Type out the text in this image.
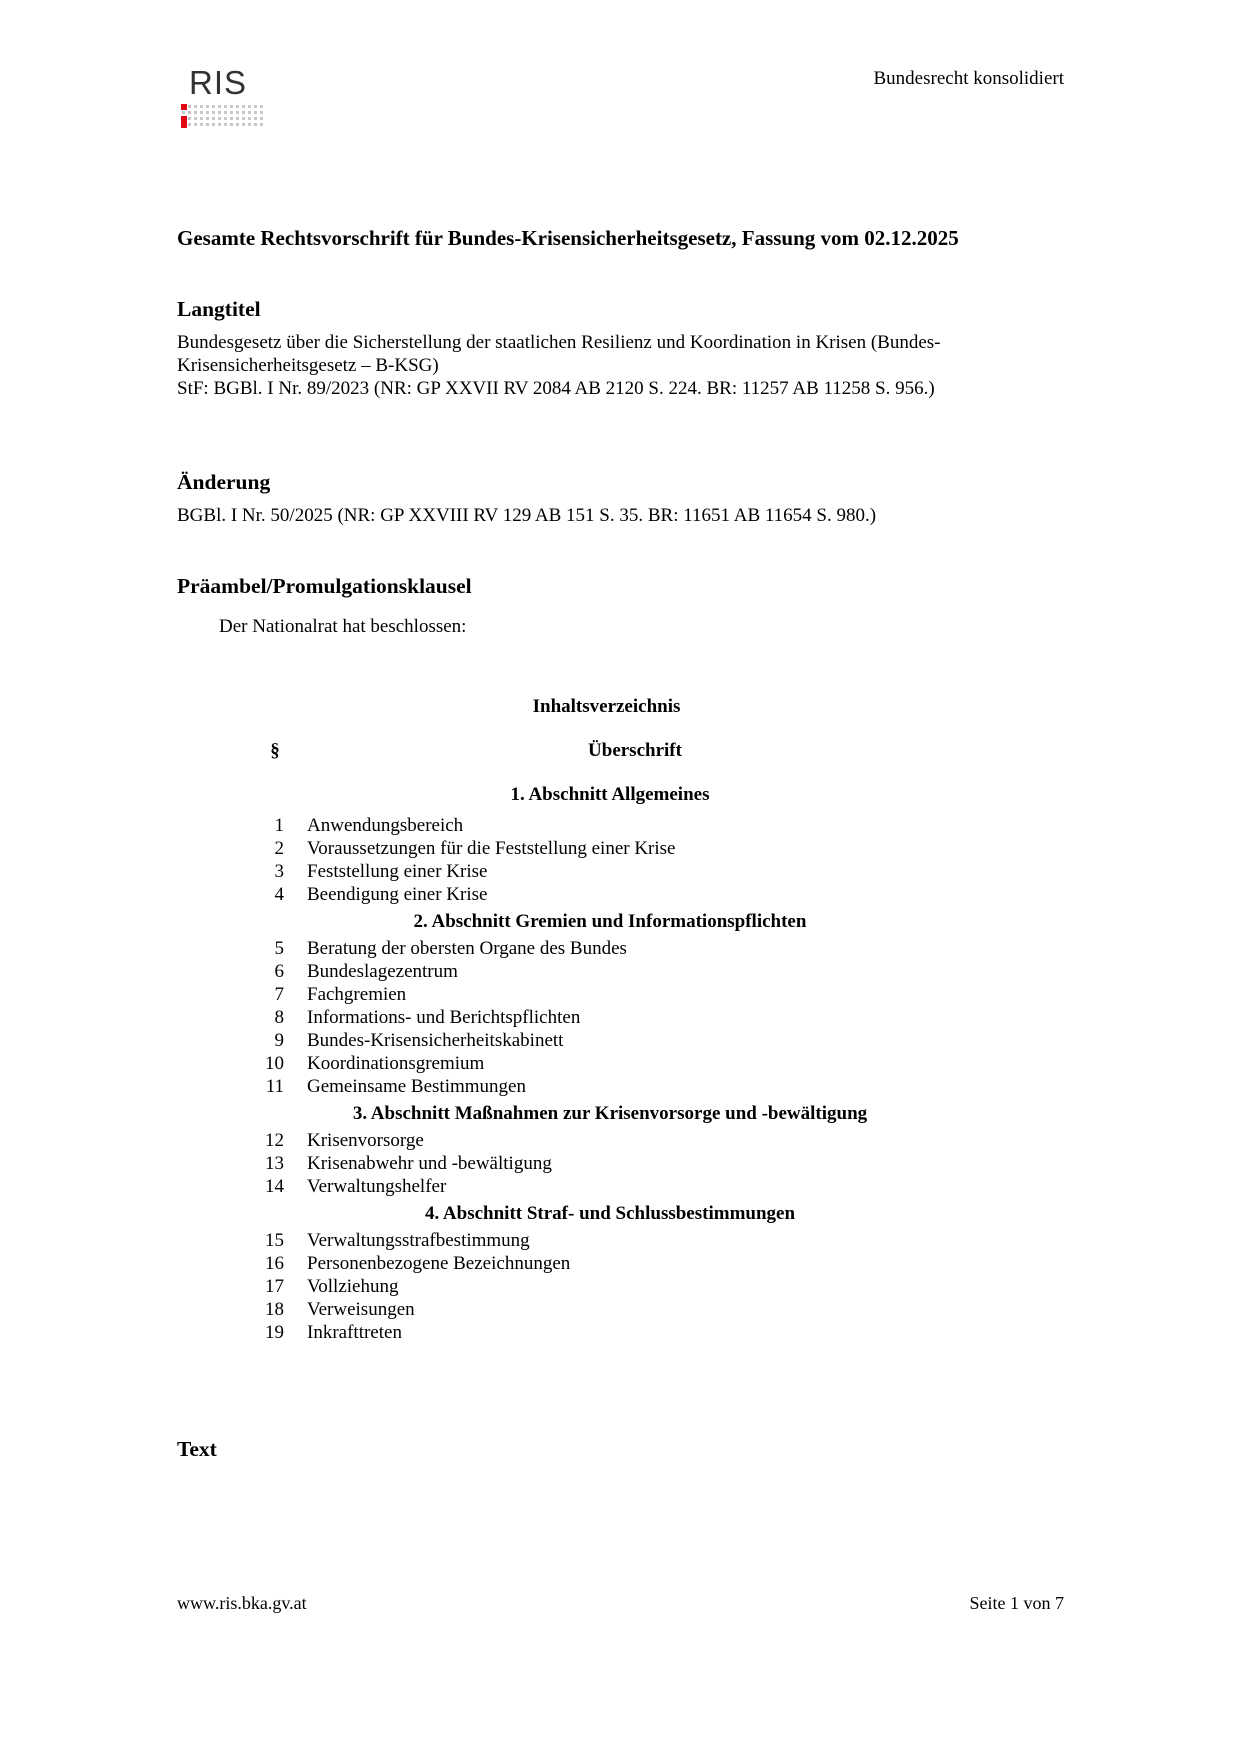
RIS	Bundesrecht konsolidiert
Gesamte Rechtsvorschrift für Bundes-Krisensicherheitsgesetz, Fassung vom 02.12.2025
Langtitel
Bundesgesetz über die Sicherstellung der staatlichen Resilienz und Koordination in Krisen (Bundes-
Krisensicherheitsgesetz – B-KSG)
StF: BGBl. I Nr. 89/2023 (NR: GP XXVII RV 2084 AB 2120 S. 224. BR: 11257 AB 11258 S. 956.)
Änderung
BGBl. I Nr. 50/2025 (NR: GP XXVIII RV 129 AB 151 S. 35. BR: 11651 AB 11654 S. 980.)
Präambel/Promulgationsklausel
Der Nationalrat hat beschlossen:
Inhaltsverzeichnis
§	Überschrift
1. Abschnitt Allgemeines
1 Anwendungsbereich
2 Voraussetzungen für die Feststellung einer Krise
3 Feststellung einer Krise
4 Beendigung einer Krise
2. Abschnitt Gremien und Informationspflichten
5 Beratung der obersten Organe des Bundes
6 Bundeslagezentrum
7 Fachgremien
8 Informations- und Berichtspflichten
9 Bundes-Krisensicherheitskabinett
10 Koordinationsgremium
11 Gemeinsame Bestimmungen
3. Abschnitt Maßnahmen zur Krisenvorsorge und -bewältigung
12 Krisenvorsorge
13 Krisenabwehr und -bewältigung
14 Verwaltungshelfer
4. Abschnitt Straf- und Schlussbestimmungen
15 Verwaltungsstrafbestimmung
16 Personenbezogene Bezeichnungen
17 Vollziehung
18 Verweisungen
19 Inkrafttreten
Text
www.ris.bka.gv.at	Seite 1 von 7
